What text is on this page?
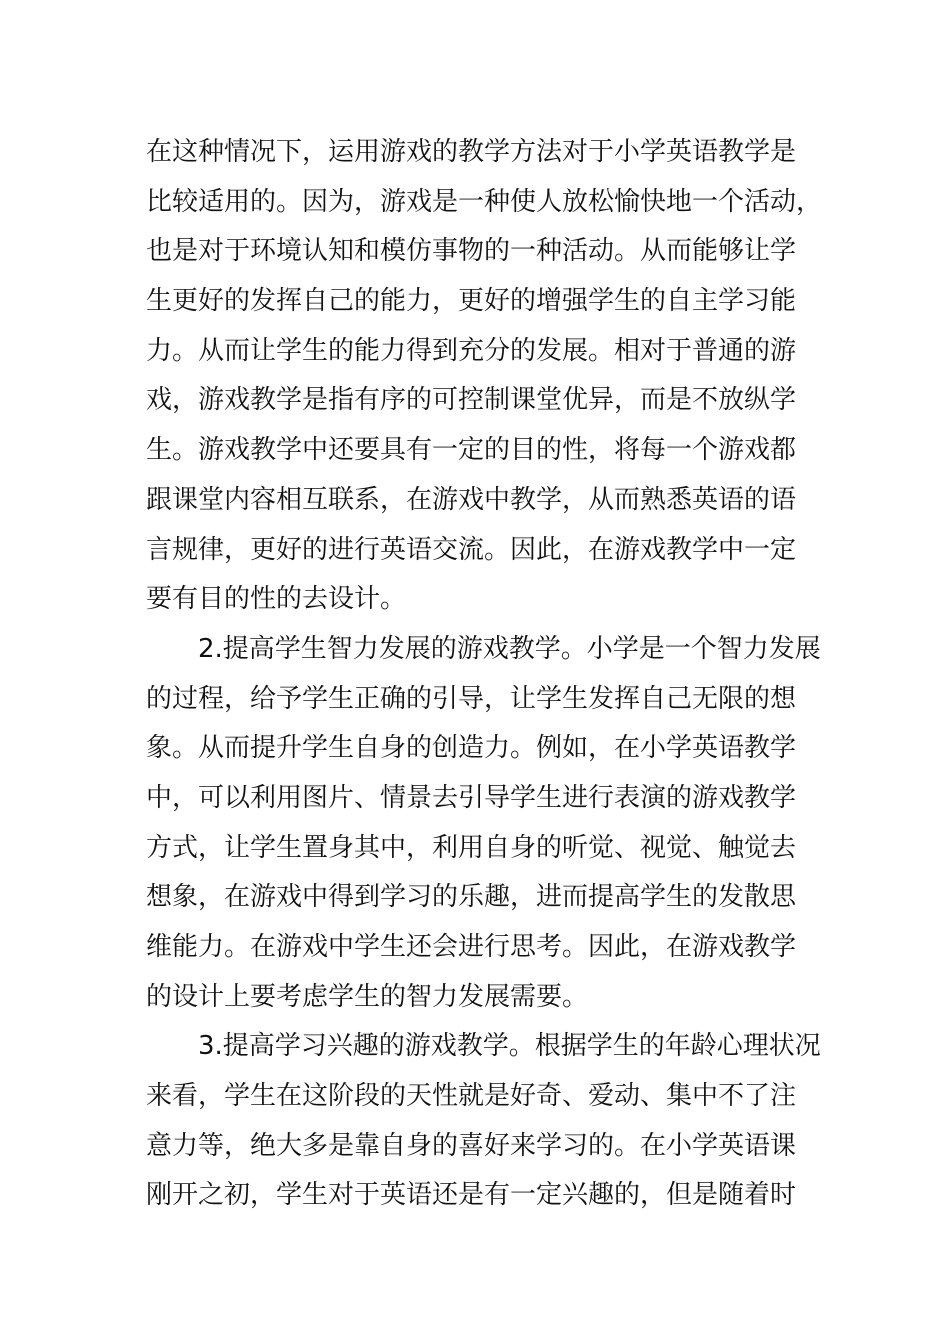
在这种情况下，运用游戏的教学方法对于小学英语教学是
比较适用的。因为，游戏是一种使人放松愉快地一个活动，
也是对于环境认知和模仿事物的一种活动。从而能够让学
生更好的发挥自己的能力，更好的增强学生的自主学习能
力。从而让学生的能力得到充分的发展。相对于普通的游
戏，游戏教学是指有序的可控制课堂优异，而是不放纵学
生。游戏教学中还要具有一定的目的性，将每一个游戏都
跟课堂内容相互联系，在游戏中教学，从而熟悉英语的语
言规律，更好的进行英语交流。因此，在游戏教学中一定
要有目的性的去设计。
2.提高学生智力发展的游戏教学。小学是一个智力发展
的过程，给予学生正确的引导，让学生发挥自己无限的想
象。从而提升学生自身的创造力。例如，在小学英语教学
中，可以利用图片、情景去引导学生进行表演的游戏教学
方式，让学生置身其中，利用自身的听觉、视觉、触觉去
想象，在游戏中得到学习的乐趣，进而提高学生的发散思
维能力。在游戏中学生还会进行思考。因此，在游戏教学
的设计上要考虑学生的智力发展需要。
3.提高学习兴趣的游戏教学。根据学生的年龄心理状况
来看，学生在这阶段的天性就是好奇、爱动、集中不了注
意力等，绝大多是靠自身的喜好来学习的。在小学英语课
刚开之初，学生对于英语还是有一定兴趣的，但是随着时
